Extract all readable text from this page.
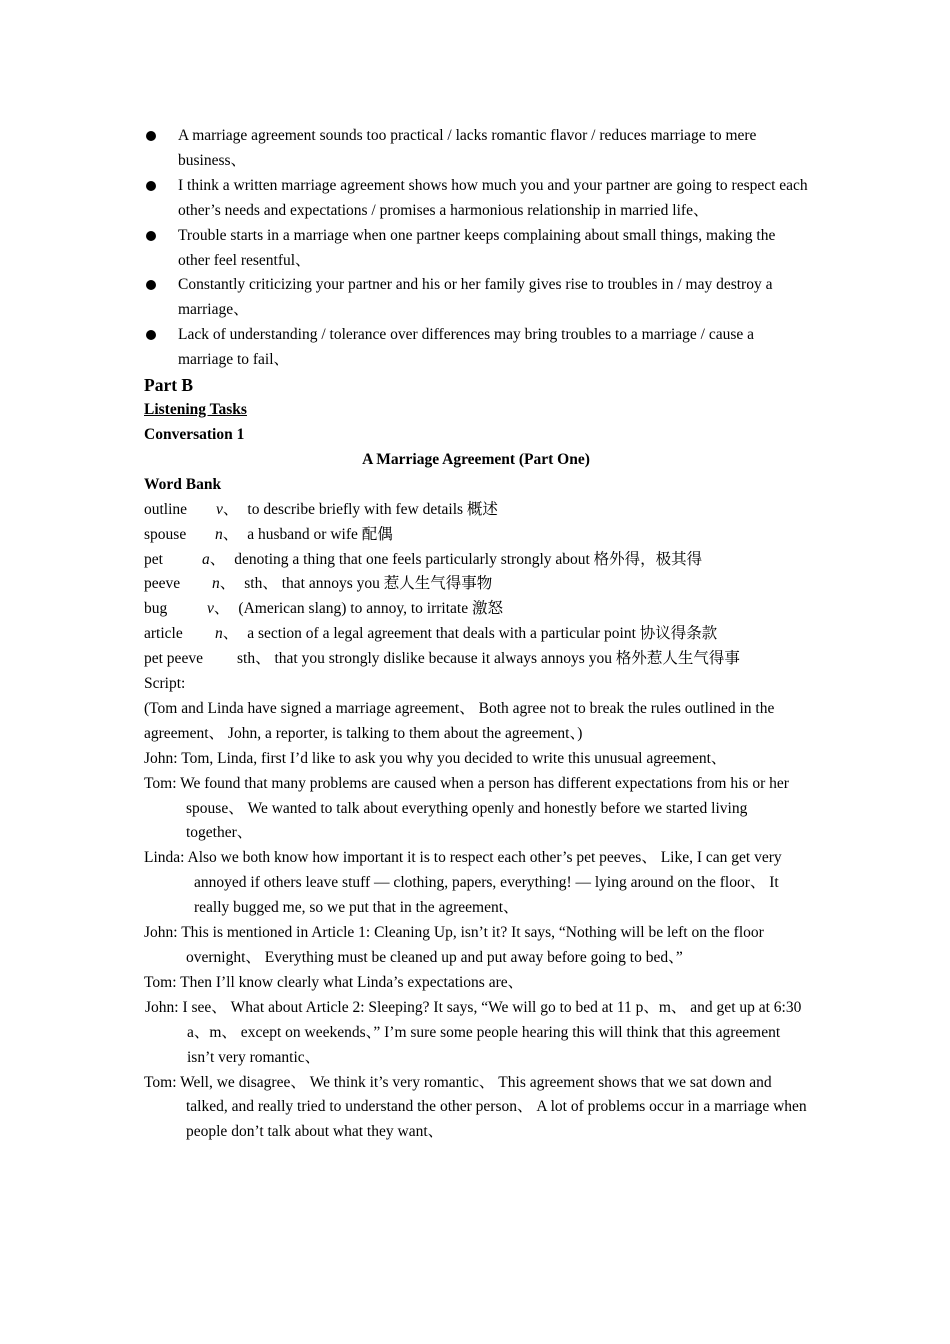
A marriage agreement sounds too practical / lacks romantic flavor / reduces marriage to mere business、
I think a written marriage agreement shows how much you and your partner are going to respect each other’s needs and expectations / promises a harmonious relationship in married life、
Trouble starts in a marriage when one partner keeps complaining about small things, making the other feel resentful、
Constantly criticizing your partner and his or her family gives rise to troubles in / may destroy a marriage、
Lack of understanding / tolerance over differences may bring troubles to a marriage / cause a marriage to fail、
Part B
Listening Tasks
Conversation 1
A Marriage Agreement (Part One)
Word Bank
outline	v 、 to describe briefly with few details 概述
spouse	n 、 a husband or wife 配偶
pet	a 、 denoting a thing that one feels particularly strongly about 格外得，极其得
peeve	n 、 sth、 that annoys you 惹人生气得事物
bug	v 、 (American slang) to annoy, to irritate 激怒
article	n 、 a section of a legal agreement that deals with a particular point 协议得条款
pet peeve	sth、 that you strongly dislike because it always annoys you 格外惹人生气得事
Script:
(Tom and Linda have signed a marriage agreement、 Both agree not to break the rules outlined in the agreement、 John, a reporter, is talking to them about the agreement、)
John: Tom, Linda, first I’d like to ask you why you decided to write this unusual agreement、
Tom: We found that many problems are caused when a person has different expectations from his or her spouse、 We wanted to talk about everything openly and honestly before we started living together、
Linda: Also we both know how important it is to respect each other’s pet peeves、 Like, I can get very annoyed if others leave stuff — clothing, papers, everything! — lying around on the floor、 It really bugged me, so we put that in the agreement、
John: This is mentioned in Article 1: Cleaning Up, isn’t it? It says, “Nothing will be left on the floor overnight、 Everything must be cleaned up and put away before going to bed、”
Tom: Then I’ll know clearly what Linda’s expectations are、
John: I see、 What about Article 2: Sleeping? It says, “We will go to bed at 11 p、m、 and get up at 6:30 a、m、 except on weekends、” I’m sure some people hearing this will think that this agreement isn’t very romantic、
Tom: Well, we disagree、 We think it’s very romantic、 This agreement shows that we sat down and talked, and really tried to understand the other person、 A lot of problems occur in a marriage when people don’t talk about what they want、
